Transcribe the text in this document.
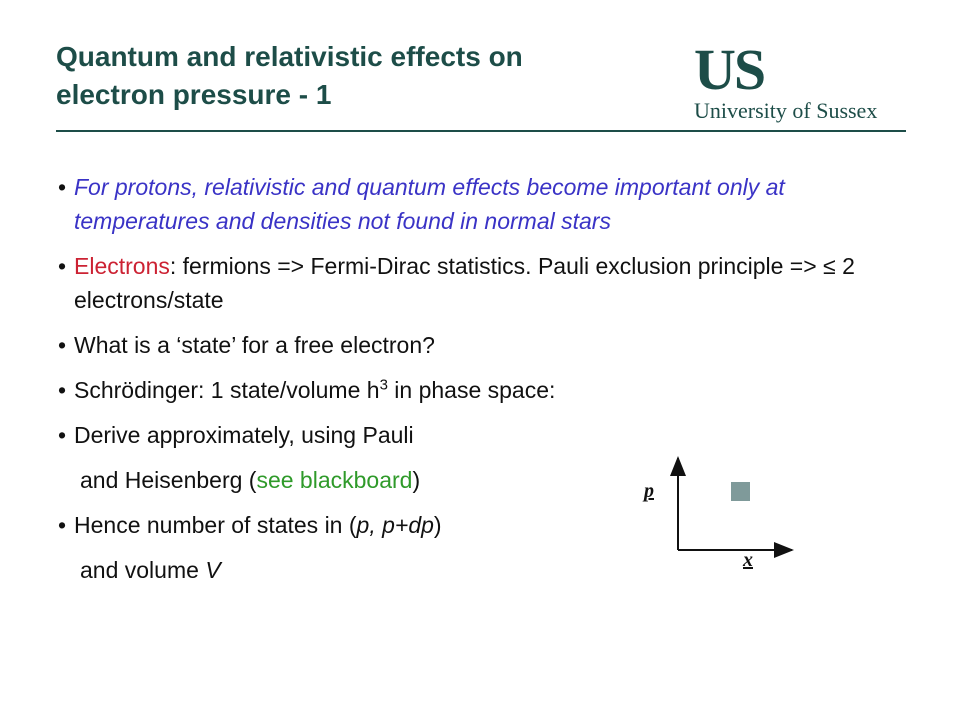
Quantum and relativistic effects on
electron pressure - 1	US
University of Sussex
• For protons, relativistic and quantum effects become important only at temperatures and densities not found in normal stars
• Electrons: fermions => Fermi-Dirac statistics. Pauli exclusion principle => ≤ 2 electrons/state
• What is a ‘state’ for a free electron?
• Schrödinger: 1 state/volume $h^3$ in phase space:
• Derive approximately, using Pauli
and Heisenberg (see blackboard)
• Hence number of states in (p, p+dp)
and volume V
p
x
